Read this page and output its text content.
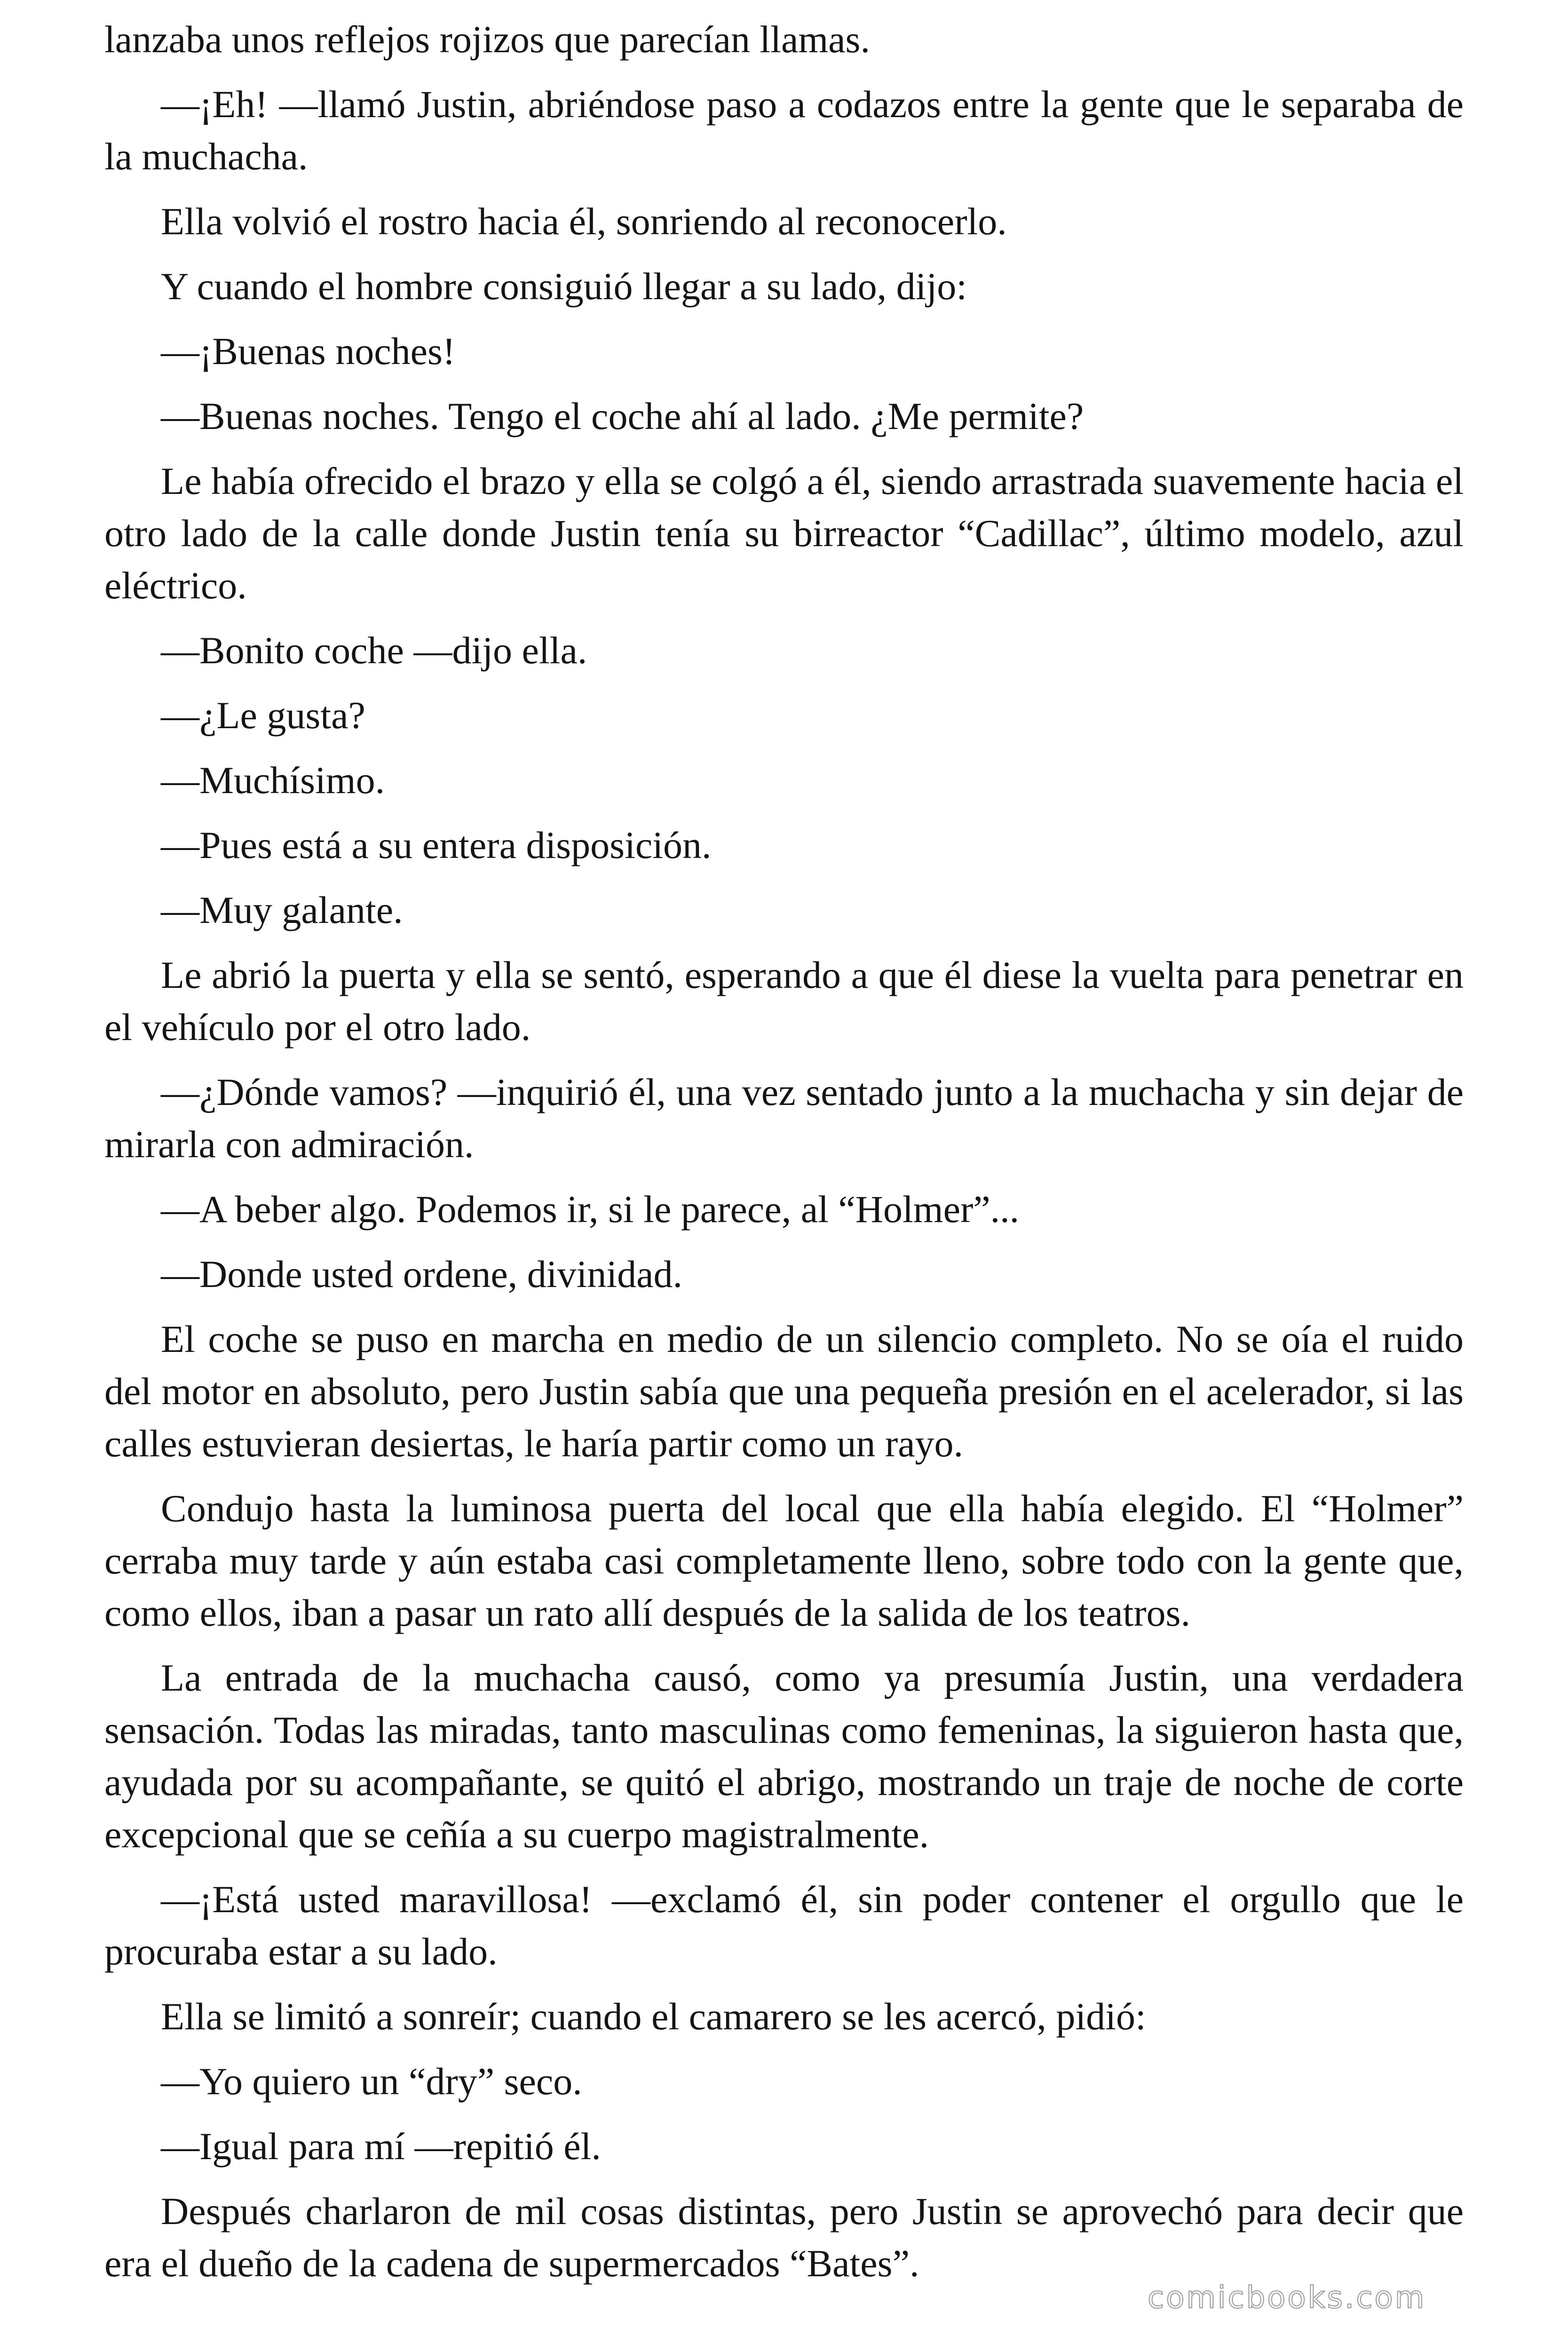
lanzaba unos reflejos rojizos que parecían llamas.

—¡Eh! —llamó Justin, abriéndose paso a codazos entre la gente que le separaba de la muchacha.

Ella volvió el rostro hacia él, sonriendo al reconocerlo.

Y cuando el hombre consiguió llegar a su lado, dijo:

—¡Buenas noches!

—Buenas noches. Tengo el coche ahí al lado. ¿Me permite?

Le había ofrecido el brazo y ella se colgó a él, siendo arrastrada suavemente hacia el otro lado de la calle donde Justin tenía su birreactor “Cadillac”, último modelo, azul eléctrico.

—Bonito coche —dijo ella.

—¿Le gusta?

—Muchísimo.

—Pues está a su entera disposición.

—Muy galante.

Le abrió la puerta y ella se sentó, esperando a que él diese la vuelta para penetrar en el vehículo por el otro lado.

—¿Dónde vamos? —inquirió él, una vez sentado junto a la muchacha y sin dejar de mirarla con admiración.

—A beber algo. Podemos ir, si le parece, al “Holmer”...

—Donde usted ordene, divinidad.

El coche se puso en marcha en medio de un silencio completo. No se oía el ruido del motor en absoluto, pero Justin sabía que una pequeña presión en el acelerador, si las calles estuvieran desiertas, le haría partir como un rayo.

Condujo hasta la luminosa puerta del local que ella había elegido. El “Holmer” cerraba muy tarde y aún estaba casi completamente lleno, sobre todo con la gente que, como ellos, iban a pasar un rato allí después de la salida de los teatros.

La entrada de la muchacha causó, como ya presumía Justin, una verdadera sensación. Todas las miradas, tanto masculinas como femeninas, la siguieron hasta que, ayudada por su acompañante, se quitó el abrigo, mostrando un traje de noche de corte excepcional que se ceñía a su cuerpo magistralmente.

—¡Está usted maravillosa! —exclamó él, sin poder contener el orgullo que le procuraba estar a su lado.

Ella se limitó a sonreír; cuando el camarero se les acercó, pidió:

—Yo quiero un “dry” seco.

—Igual para mí —repitió él.

Después charlaron de mil cosas distintas, pero Justin se aprovechó para decir que era el dueño de la cadena de supermercados “Bates”.

comicbooks.com
